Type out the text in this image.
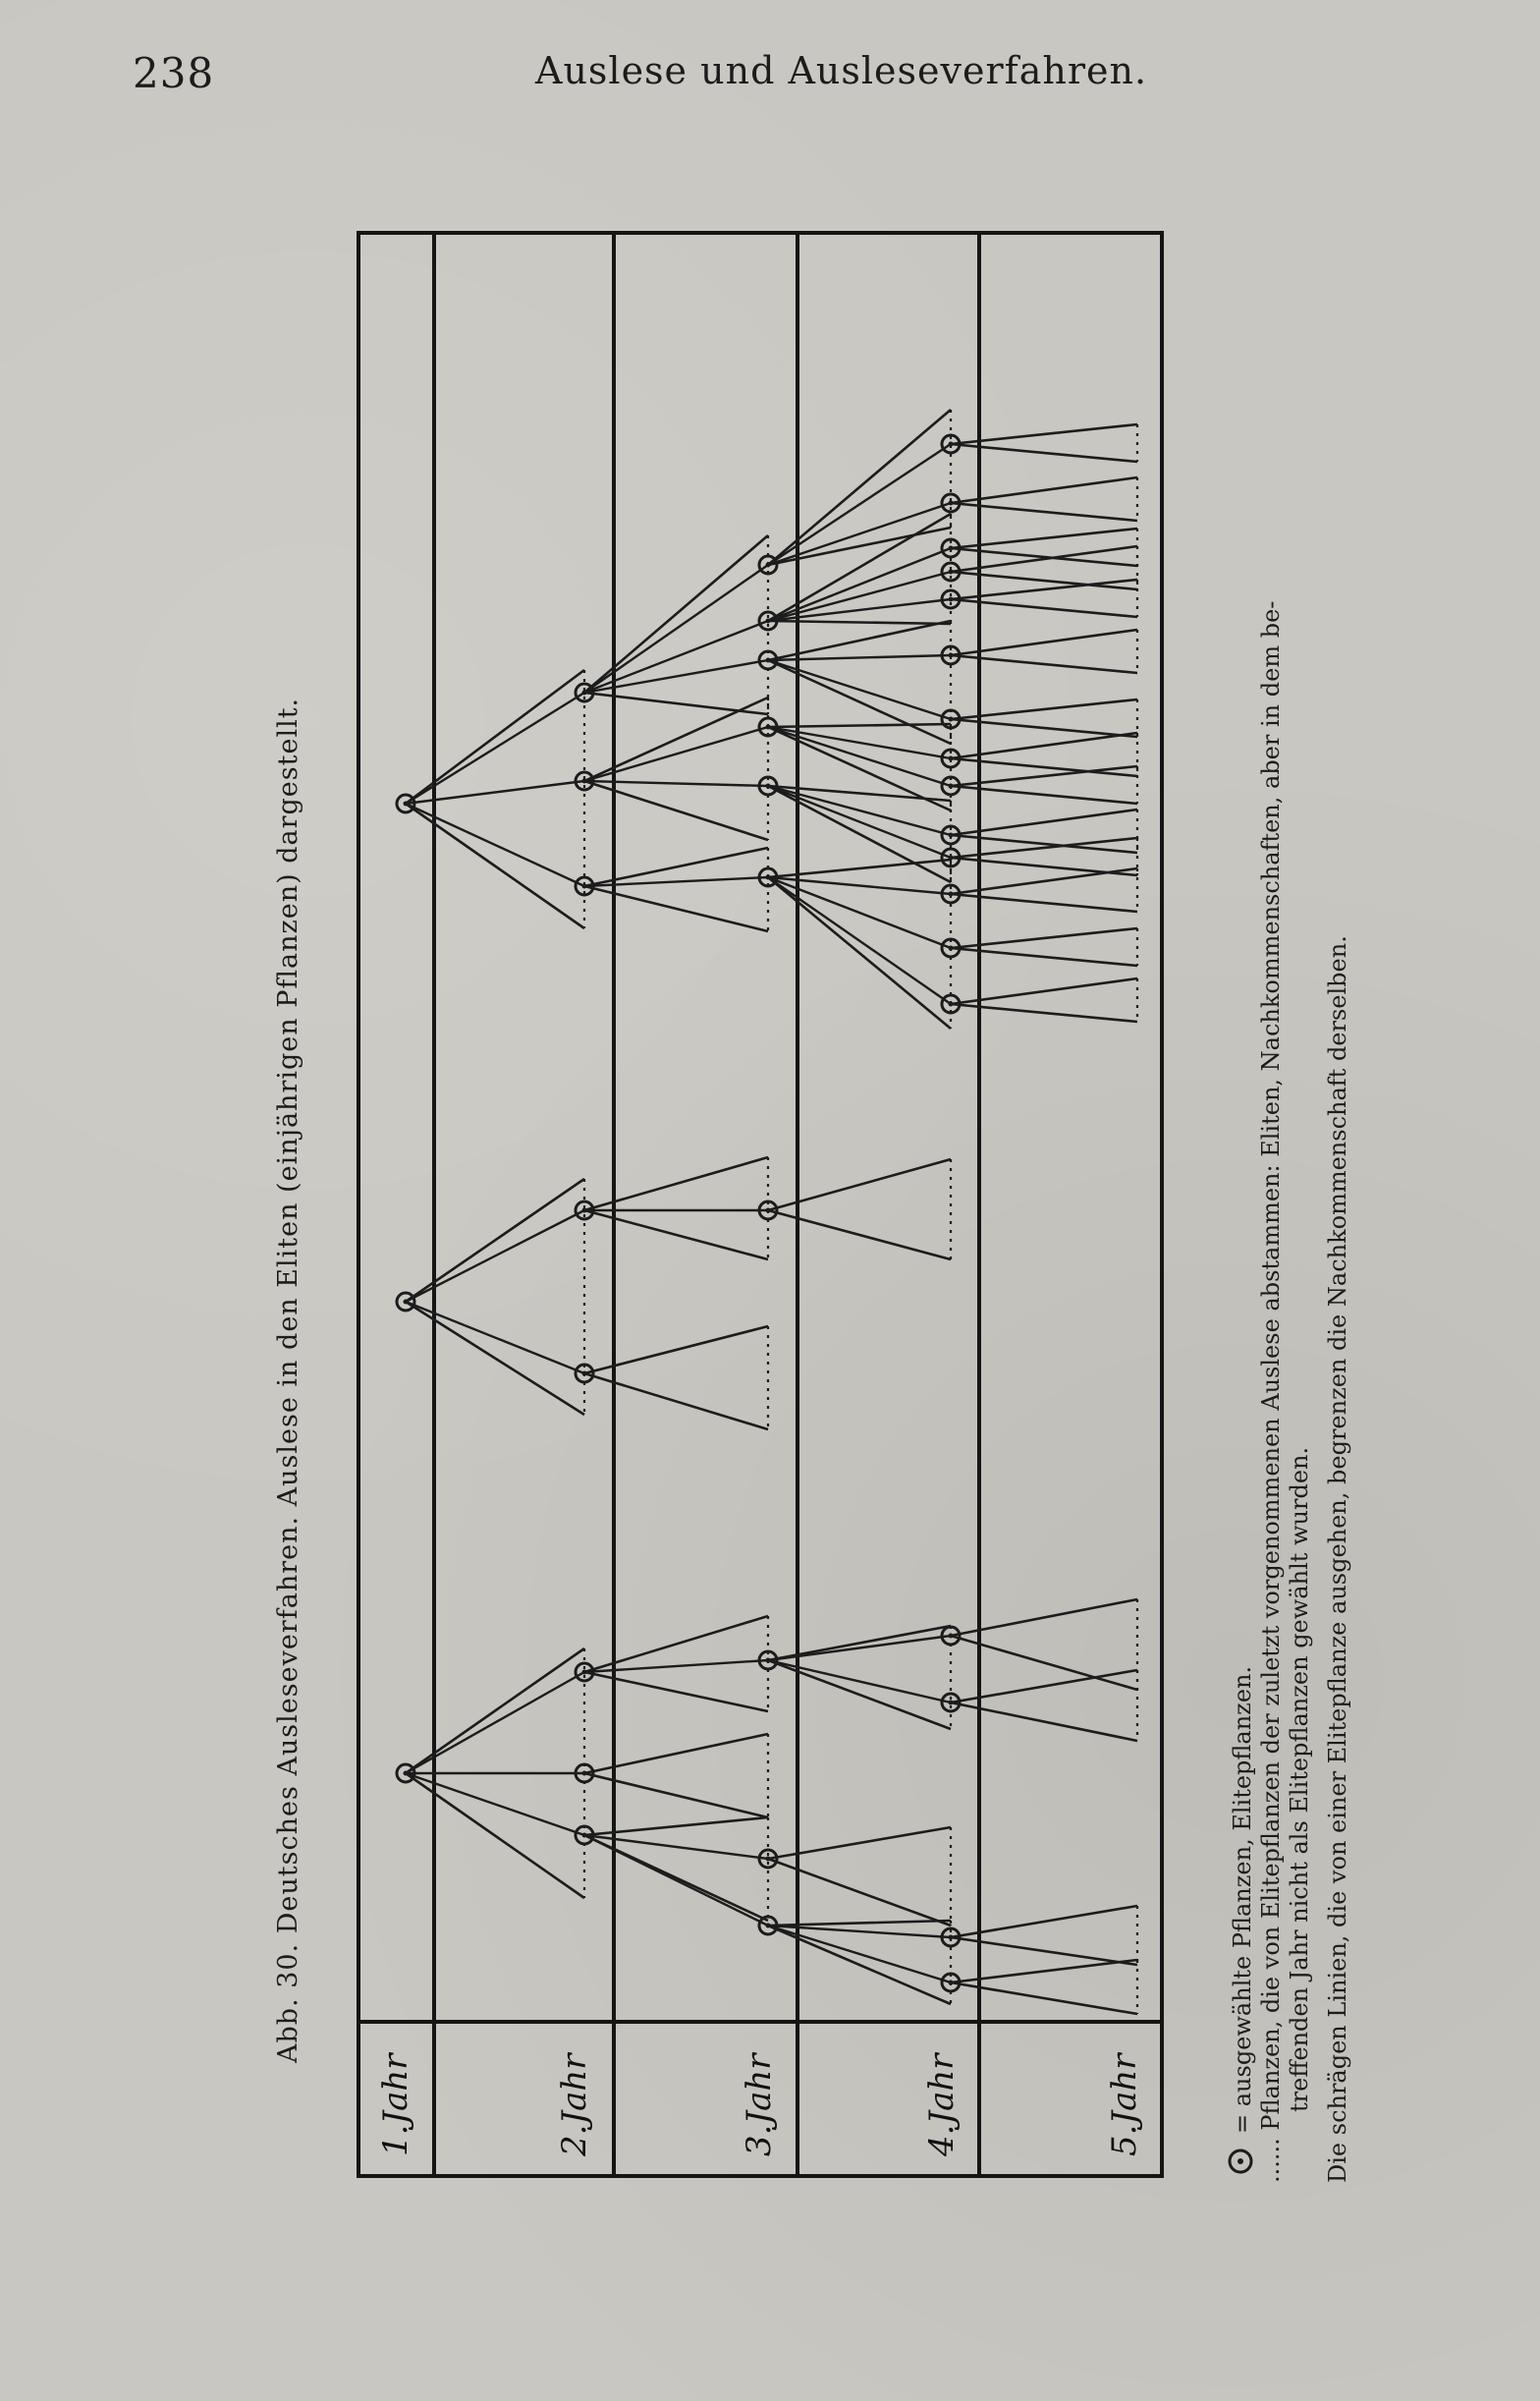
238	Auslese und Ausleseverfahren.
Abb. 30. Deutsches Ausleseverfahren. Auslese in den Eliten (einjährigen Pflanzen) dargestellt.
1.Jahr	2.Jahr	3.Jahr	4.Jahr	5.Jahr	= ausgewählte Pflanzen, Elitepflanzen. ...... Pflanzen, die von Elitepflanzen der zuletzt vorgenommenen Auslese abstammen: Eliten, Nachkommenschaften, aber in dem be- treffenden Jahr nicht als Elitepflanzen gewählt wurden. Die schrägen Linien, die von einer Elitepflanze ausgehen, begrenzen die Nachkommenschaft derselben.
